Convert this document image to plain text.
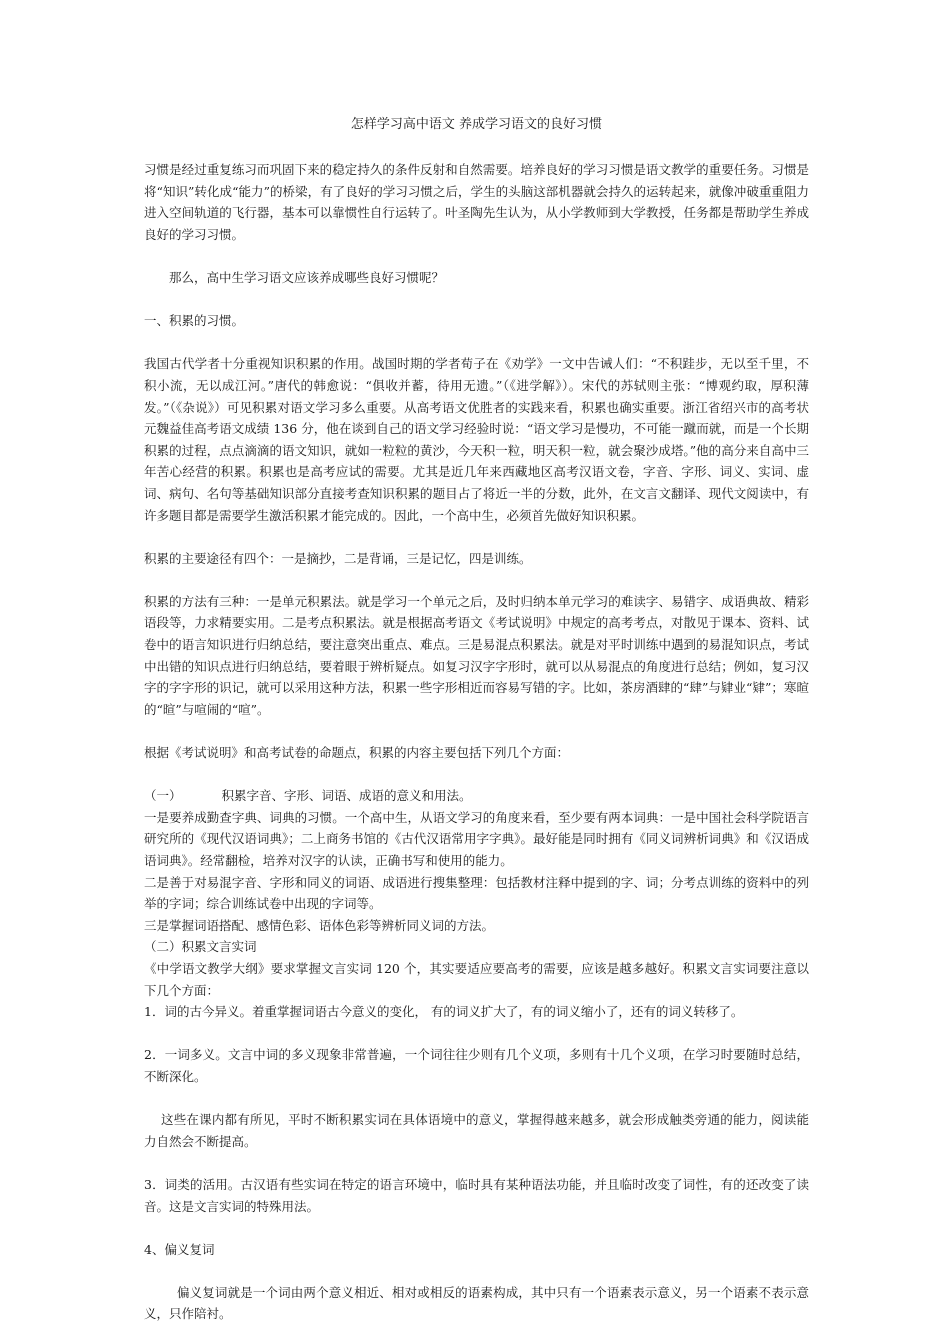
怎样学习高中语文 养成学习语文的良好习惯

习惯是经过重复练习而巩固下来的稳定持久的条件反射和自然需要。培养良好的学习习惯是语文教学的重要任务。习惯是将“知识”转化成“能力”的桥梁，有了良好的学习习惯之后，学生的头脑这部机器就会持久的运转起来，就像冲破重重阻力进入空间轨道的飞行器，基本可以靠惯性自行运转了。叶圣陶先生认为，从小学教师到大学教授，任务都是帮助学生养成良好的学习习惯。

那么，高中生学习语文应该养成哪些良好习惯呢？

一、积累的习惯。

我国古代学者十分重视知识积累的作用。战国时期的学者荀子在《劝学》一文中告诫人们：“不积跬步，无以至千里，不积小流，无以成江河。”唐代的韩愈说：“俱收并蓄，待用无遗。”（《进学解》）。宋代的苏轼则主张：“博观约取，厚积薄发。”（《杂说》）可见积累对语文学习多么重要。从高考语文优胜者的实践来看，积累也确实重要。浙江省绍兴市的高考状元魏益佳高考语文成绩 136 分，他在谈到自己的语文学习经验时说：“语文学习是慢功，不可能一蹴而就，而是一个长期积累的过程，点点滴滴的语文知识，就如一粒粒的黄沙，今天积一粒，明天积一粒，就会聚沙成塔。”他的高分来自高中三年苦心经营的积累。积累也是高考应试的需要。尤其是近几年来西藏地区高考汉语文卷，字音、字形、词义、实词、虚词、病句、名句等基础知识部分直接考查知识积累的题目占了将近一半的分数，此外，在文言文翻译、现代文阅读中，有许多题目都是需要学生激活积累才能完成的。因此，一个高中生，必须首先做好知识积累。

积累的主要途径有四个：一是摘抄，二是背诵，三是记忆，四是训练。

积累的方法有三种：一是单元积累法。就是学习一个单元之后，及时归纳本单元学习的难读字、易错字、成语典故、精彩语段等，力求精要实用。二是考点积累法。就是根据高考语文《考试说明》中规定的高考考点，对散见于课本、资料、试卷中的语言知识进行归纳总结，要注意突出重点、难点。三是易混点积累法。就是对平时训练中遇到的易混知识点，考试中出错的知识点进行归纳总结，要着眼于辨析疑点。如复习汉字字形时，就可以从易混点的角度进行总结；例如，复习汉字的字字形的识记，就可以采用这种方法，积累一些字形相近而容易写错的字。比如，茶房酒肆的“肆”与肄业“肄”；寒暄的“暄”与喧闹的“喧”。

根据《考试说明》和高考试卷的命题点，积累的内容主要包括下列几个方面：

（一）	积累字音、字形、词语、成语的意义和用法。

一是要养成勤查字典、词典的习惯。一个高中生，从语文学习的角度来看，至少要有两本词典：一是中国社会科学院语言研究所的《现代汉语词典》；二上商务书馆的《古代汉语常用字字典》。最好能是同时拥有《同义词辨析词典》和《汉语成语词典》。经常翻检，培养对汉字的认读，正确书写和使用的能力。

二是善于对易混字音、字形和同义的词语、成语进行搜集整理：包括教材注释中提到的字、词；分考点训练的资料中的列举的字词；综合训练试卷中出现的字词等。

三是掌握词语搭配、感情色彩、语体色彩等辨析同义词的方法。

（二）积累文言实词

《中学语文教学大纲》要求掌握文言实词 120 个，其实要适应要高考的需要，应该是越多越好。积累文言实词要注意以下几个方面：

1．词的古今异义。着重掌握词语古今意义的变化， 有的词义扩大了，有的词义缩小了，还有的词义转移了。

2．一词多义。文言中词的多义现象非常普遍，一个词往往少则有几个义项，多则有十几个义项，在学习时要随时总结，不断深化。

这些在课内都有所见，平时不断积累实词在具体语境中的意义，掌握得越来越多，就会形成触类旁通的能力，阅读能力自然会不断提高。

3．词类的活用。古汉语有些实词在特定的语言环境中，临时具有某种语法功能，并且临时改变了词性，有的还改变了读音。这是文言实词的特殊用法。

4、偏义复词

偏义复词就是一个词由两个意义相近、相对或相反的语素构成，其中只有一个语素表示意义，另一个语素不表示意义，只作陪衬。
